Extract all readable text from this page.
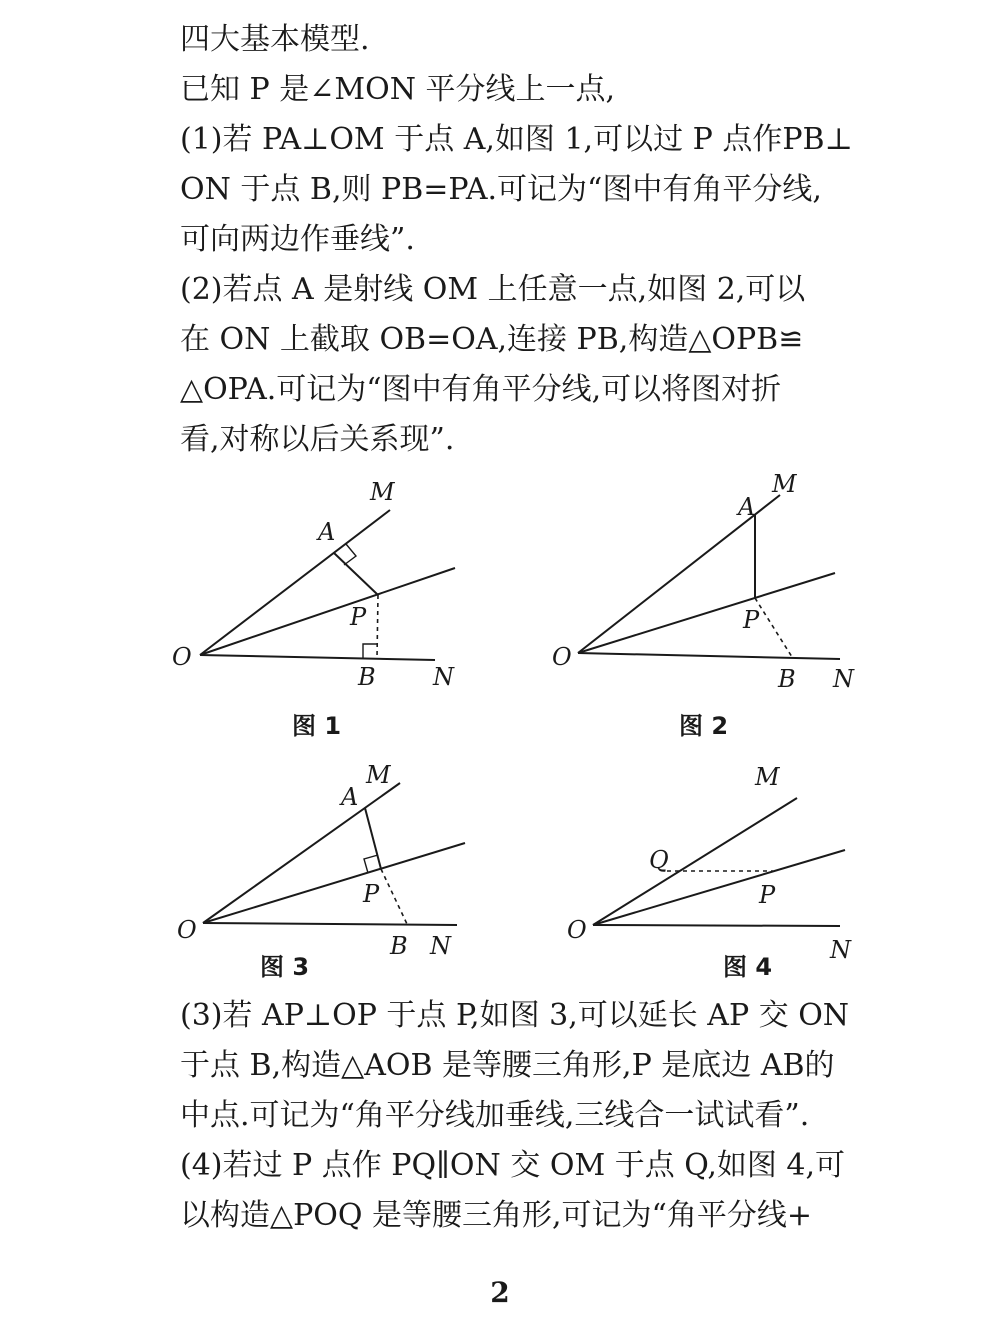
四大基本模型.
已知 P 是∠MON 平分线上一点,
(1)若 PA⊥OM 于点 A,如图 1,可以过 P 点作PB⊥
ON 于点 B,则 PB=PA.可记为“图中有角平分线,
可向两边作垂线”.
(2)若点 A 是射线 OM 上任意一点,如图 2,可以
在 ON 上截取 OB=OA,连接 PB,构造△OPB≌
△OPA.可记为“图中有角平分线,可以将图对折
看,对称以后关系现”.
O
A
M
P
B N
图 1
O
A
M
P
B N
图 2
O
A
M
P
B N
图 3
O
Q
M
P
N
图 4
(3)若 AP⊥OP 于点 P,如图 3,可以延长 AP 交 ON
于点 B,构造△AOB 是等腰三角形,P 是底边 AB的
中点.可记为“角平分线加垂线,三线合一试试看”.
(4)若过 P 点作 PQ∥ON 交 OM 于点 Q,如图 4,可
以构造△POQ 是等腰三角形,可记为“角平分线+
2
